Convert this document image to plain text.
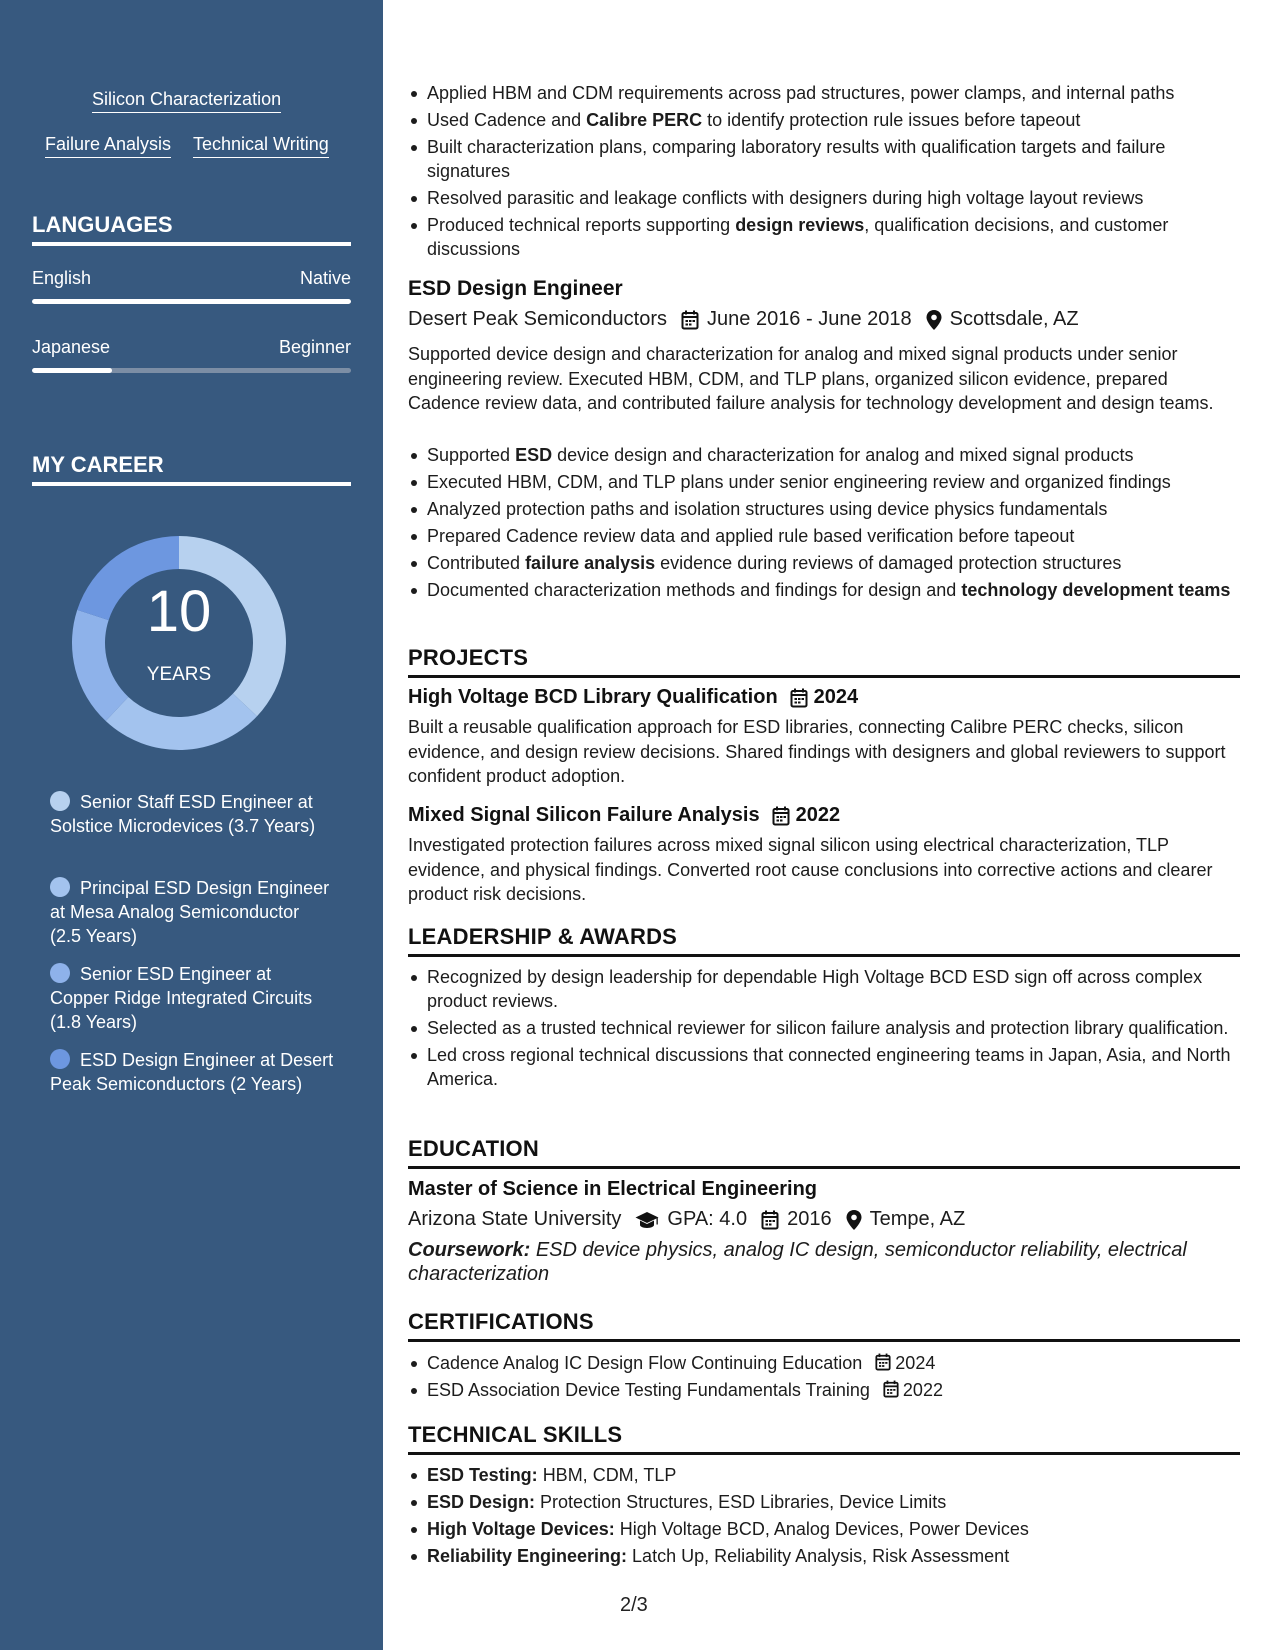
Silicon Characterization
Failure Analysis Technical Writing
LANGUAGES
English	Native
Japanese	Beginner
MY CAREER
10
YEARS
Senior Staff ESD Engineer at Solstice Microdevices (3.7 Years)
Principal ESD Design Engineer at Mesa Analog Semiconductor (2.5 Years)
Senior ESD Engineer at Copper Ridge Integrated Circuits (1.8 Years)
ESD Design Engineer at Desert Peak Semiconductors (2 Years)
Applied HBM and CDM requirements across pad structures, power clamps, and internal paths
Used Cadence and Calibre PERC to identify protection rule issues before tapeout
Built characterization plans, comparing laboratory results with qualification targets and failure signatures
Resolved parasitic and leakage conflicts with designers during high voltage layout reviews
Produced technical reports supporting design reviews, qualification decisions, and customer discussions
ESD Design Engineer
Desert Peak Semiconductors June 2016 - June 2018 Scottsdale, AZ
Supported device design and characterization for analog and mixed signal products under senior engineering review. Executed HBM, CDM, and TLP plans, organized silicon evidence, prepared Cadence review data, and contributed failure analysis for technology development and design teams.
Supported ESD device design and characterization for analog and mixed signal products
Executed HBM, CDM, and TLP plans under senior engineering review and organized findings
Analyzed protection paths and isolation structures using device physics fundamentals
Prepared Cadence review data and applied rule based verification before tapeout
Contributed failure analysis evidence during reviews of damaged protection structures
Documented characterization methods and findings for design and technology development teams
PROJECTS
High Voltage BCD Library Qualification 2024
Built a reusable qualification approach for ESD libraries, connecting Calibre PERC checks, silicon evidence, and design review decisions. Shared findings with designers and global reviewers to support confident product adoption.
Mixed Signal Silicon Failure Analysis 2022
Investigated protection failures across mixed signal silicon using electrical characterization, TLP evidence, and physical findings. Converted root cause conclusions into corrective actions and clearer product risk decisions.
LEADERSHIP & AWARDS
Recognized by design leadership for dependable High Voltage BCD ESD sign off across complex product reviews.
Selected as a trusted technical reviewer for silicon failure analysis and protection library qualification.
Led cross regional technical discussions that connected engineering teams in Japan, Asia, and North America.
EDUCATION
Master of Science in Electrical Engineering
Arizona State University GPA: 4.0 2016 Tempe, AZ
Coursework: ESD device physics, analog IC design, semiconductor reliability, electrical characterization
CERTIFICATIONS
Cadence Analog IC Design Flow Continuing Education 2024
ESD Association Device Testing Fundamentals Training 2022
TECHNICAL SKILLS
ESD Testing: HBM, CDM, TLP
ESD Design: Protection Structures, ESD Libraries, Device Limits
High Voltage Devices: High Voltage BCD, Analog Devices, Power Devices
Reliability Engineering: Latch Up, Reliability Analysis, Risk Assessment
2/3
